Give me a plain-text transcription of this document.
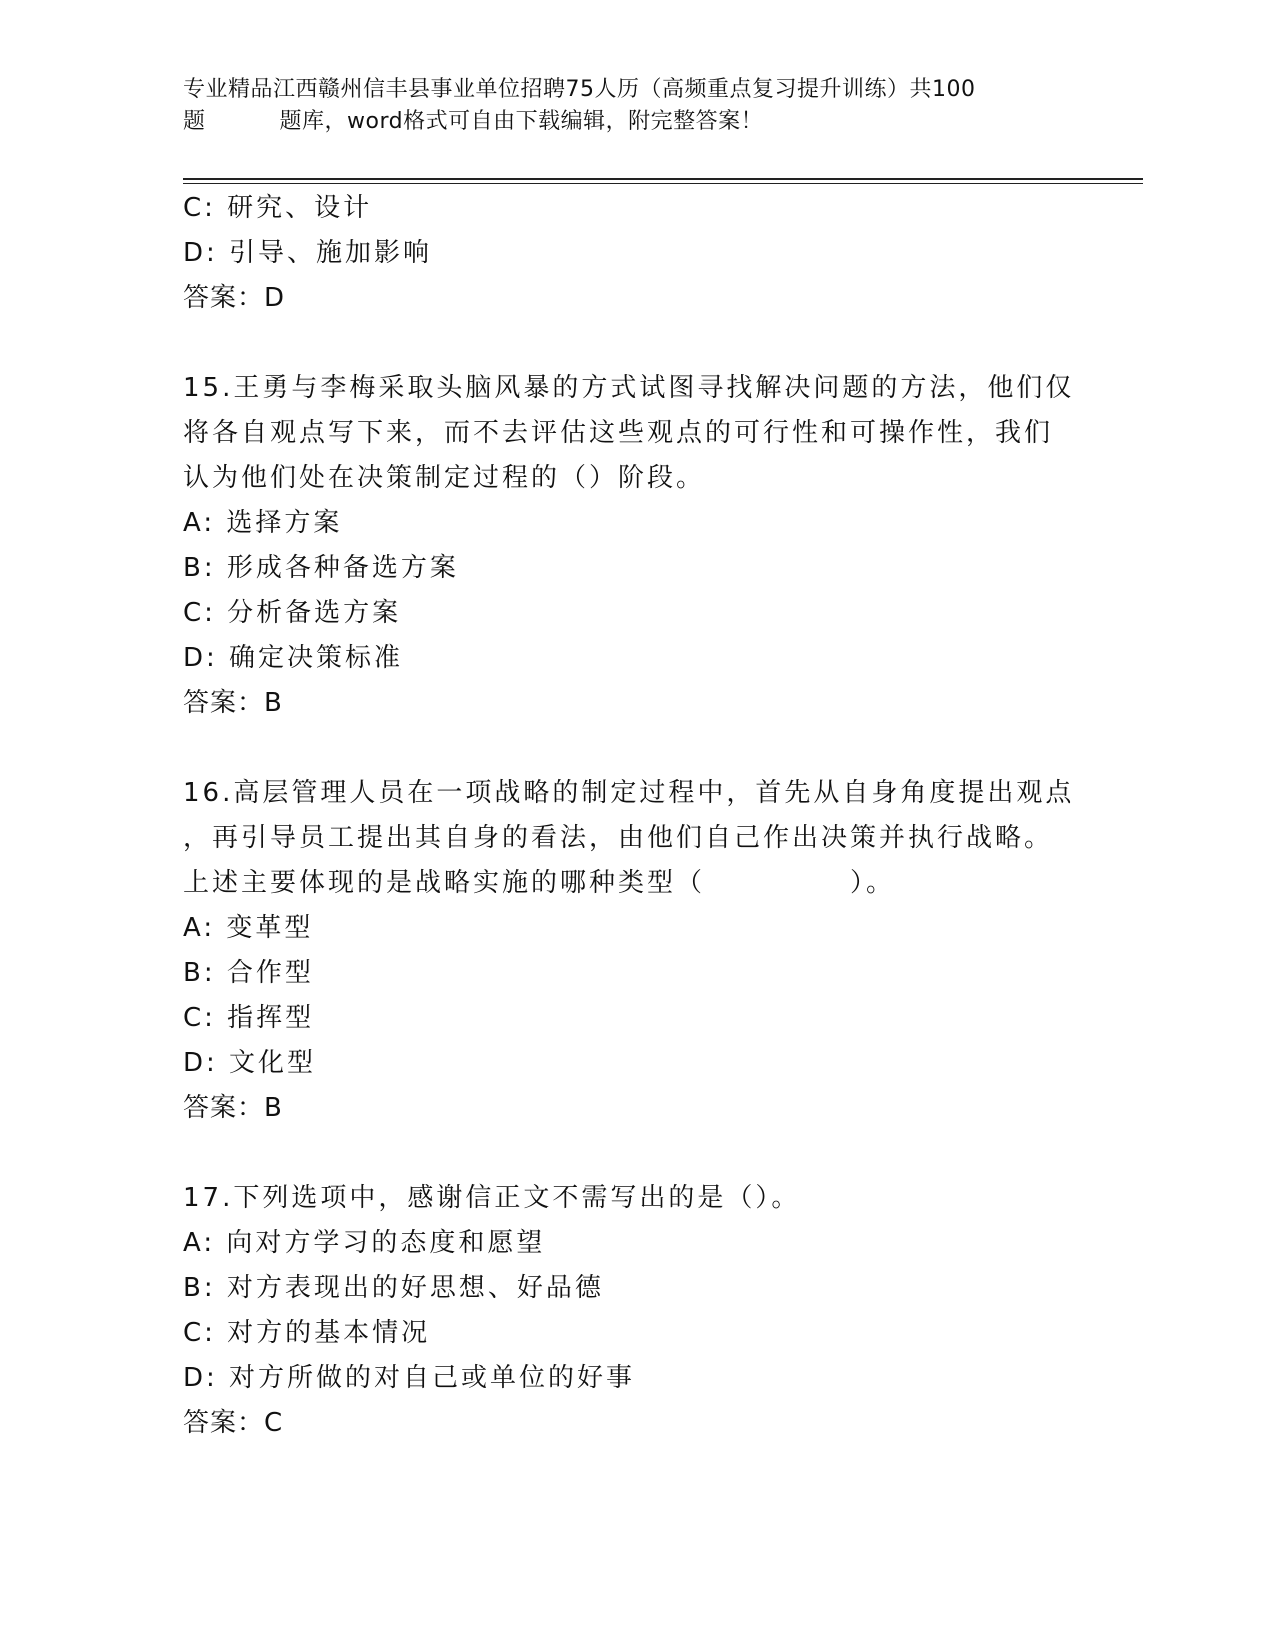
专业精品江西赣州信丰县事业单位招聘75人历（高频重点复习提升训练）共100
题	题库，word格式可自由下载编辑，附完整答案！
C: 研究、设计
D: 引导、施加影响
答案：D
15.王勇与李梅采取头脑风暴的方式试图寻找解决问题的方法，他们仅
将各自观点写下来，而不去评估这些观点的可行性和可操作性，我们
认为他们处在决策制定过程的（）阶段。
A: 选择方案
B: 形成各种备选方案
C: 分析备选方案
D: 确定决策标准
答案：B
16.高层管理人员在一项战略的制定过程中，首先从自身角度提出观点
，再引导员工提出其自身的看法，由他们自己作出决策并执行战略。
上述主要体现的是战略实施的哪种类型（　　　　　）。
A: 变革型
B: 合作型
C: 指挥型
D: 文化型
答案：B
17.下列选项中，感谢信正文不需写出的是（）。
A: 向对方学习的态度和愿望
B: 对方表现出的好思想、好品德
C: 对方的基本情况
D: 对方所做的对自己或单位的好事
答案：C
